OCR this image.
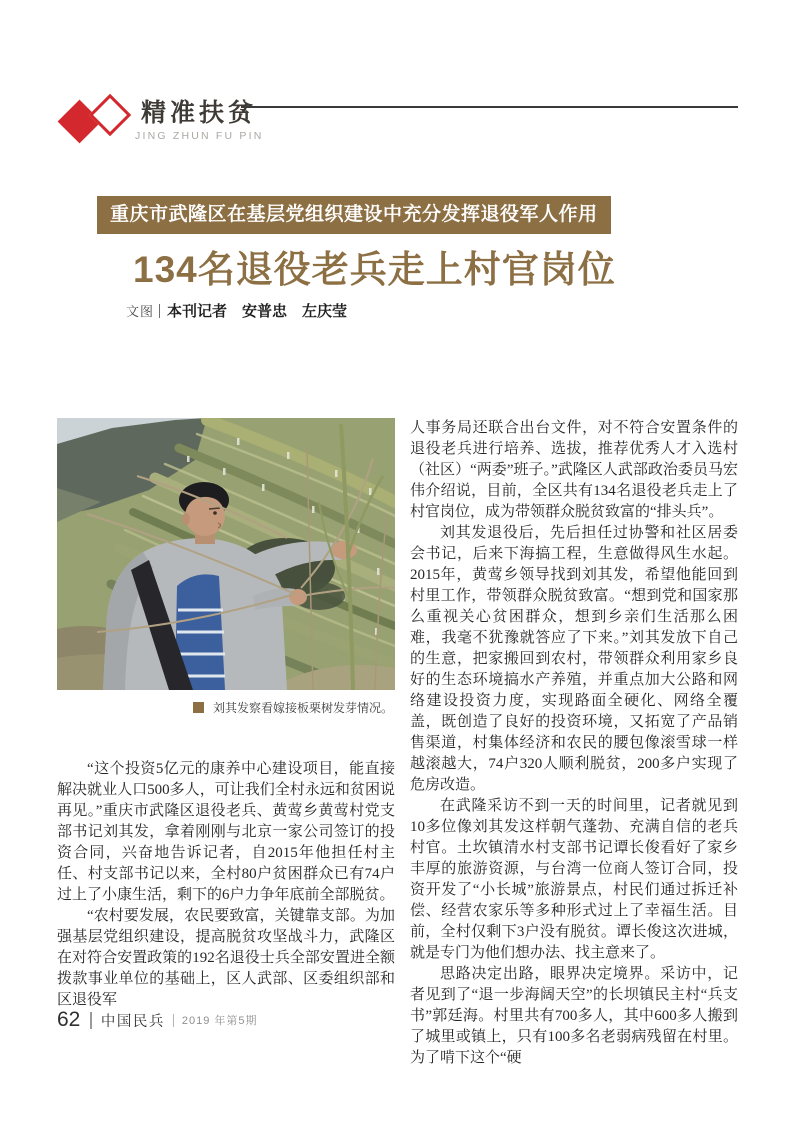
精准扶贫
JING ZHUN FU PIN
重庆市武隆区在基层党组织建设中充分发挥退役军人作用
134名退役老兵走上村官岗位
文图 本刊记者　安普忠　左庆莹
刘其发察看嫁接板栗树发芽情况。

“这个投资5亿元的康养中心建设项目，能直接解决就业人口500多人，可让我们全村永远和贫困说再见。”重庆市武隆区退役老兵、黄莺乡黄莺村党支部书记刘其发，拿着刚刚与北京一家公司签订的投资合同，兴奋地告诉记者，自2015年他担任村主任、村支部书记以来，全村80户贫困群众已有74户过上了小康生活，剩下的6户力争年底前全部脱贫。

“农村要发展，农民要致富，关键靠支部。为加强基层党组织建设，提高脱贫攻坚战斗力，武隆区在对符合安置政策的192名退役士兵全部安置进全额拨款事业单位的基础上，区人武部、区委组织部和区退役军

人事务局还联合出台文件，对不符合安置条件的退役老兵进行培养、选拔，推荐优秀人才入选村（社区）“两委”班子。”武隆区人武部政治委员马宏伟介绍说，目前，全区共有134名退役老兵走上了村官岗位，成为带领群众脱贫致富的“排头兵”。

刘其发退役后，先后担任过协警和社区居委会书记，后来下海搞工程，生意做得风生水起。2015年，黄莺乡领导找到刘其发，希望他能回到村里工作，带领群众脱贫致富。“想到党和国家那么重视关心贫困群众，想到乡亲们生活那么困难，我毫不犹豫就答应了下来。”刘其发放下自己的生意，把家搬回到农村，带领群众利用家乡良好的生态环境搞水产养殖，并重点加大公路和网络建设投资力度，实现路面全硬化、网络全覆盖，既创造了良好的投资环境，又拓宽了产品销售渠道，村集体经济和农民的腰包像滚雪球一样越滚越大，74户320人顺利脱贫，200多户实现了危房改造。

在武隆采访不到一天的时间里，记者就见到10多位像刘其发这样朝气蓬勃、充满自信的老兵村官。土坎镇清水村支部书记谭长俊看好了家乡丰厚的旅游资源，与台湾一位商人签订合同，投资开发了“小长城”旅游景点，村民们通过拆迁补偿、经营农家乐等多种形式过上了幸福生活。目前，全村仅剩下3户没有脱贫。谭长俊这次进城，就是专门为他们想办法、找主意来了。

思路决定出路，眼界决定境界。采访中，记者见到了“退一步海阔天空”的长坝镇民主村“兵支书”郭廷海。村里共有700多人，其中600多人搬到了城里或镇上，只有100多名老弱病残留在村里。为了啃下这个“硬

62 中国民兵 2019 年第5期
